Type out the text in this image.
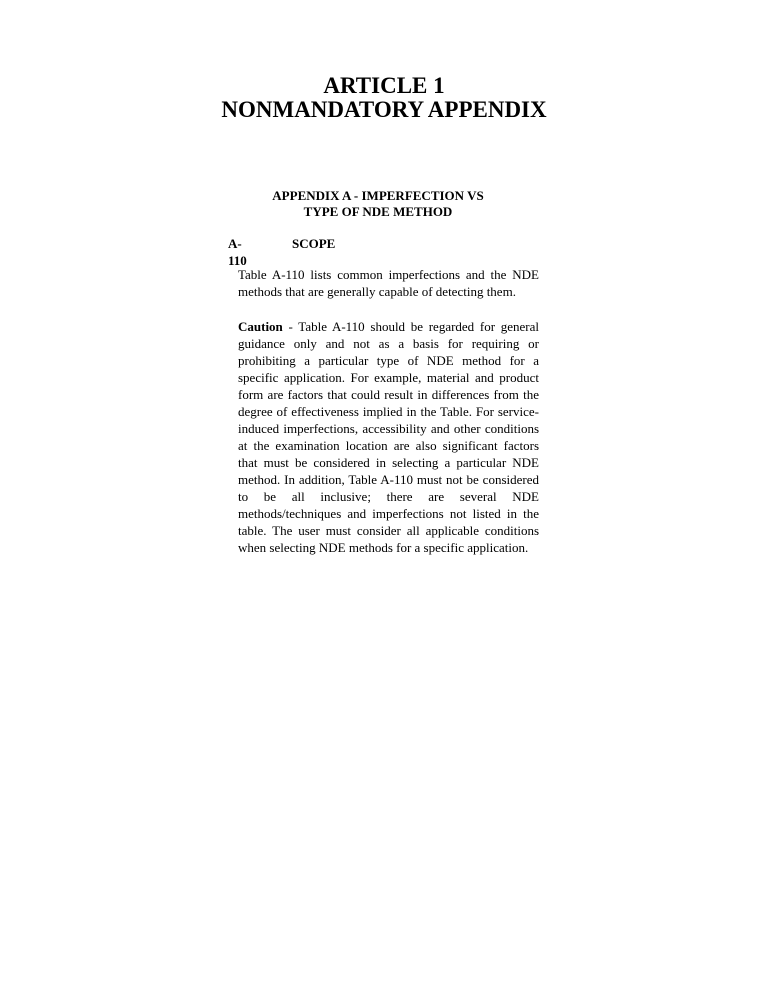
ARTICLE 1
NONMANDATORY APPENDIX
APPENDIX A - IMPERFECTION VS
TYPE OF NDE METHOD
A-110
SCOPE

Table A-110 lists common imperfections and the NDE methods that are generally capable of detecting them.

Caution - Table A-110 should be regarded for general guidance only and not as a basis for requiring or prohibiting a particular type of NDE method for a specific application. For example, material and product form are factors that could result in differences from the degree of effectiveness implied in the Table. For service-induced imperfections, accessibility and other conditions at the examination location are also significant factors that must be considered in selecting a particular NDE method. In addition, Table A-110 must not be considered to be all inclusive; there are several NDE methods/techniques and imperfections not listed in the table. The user must consider all applicable conditions when selecting NDE methods for a specific application.
